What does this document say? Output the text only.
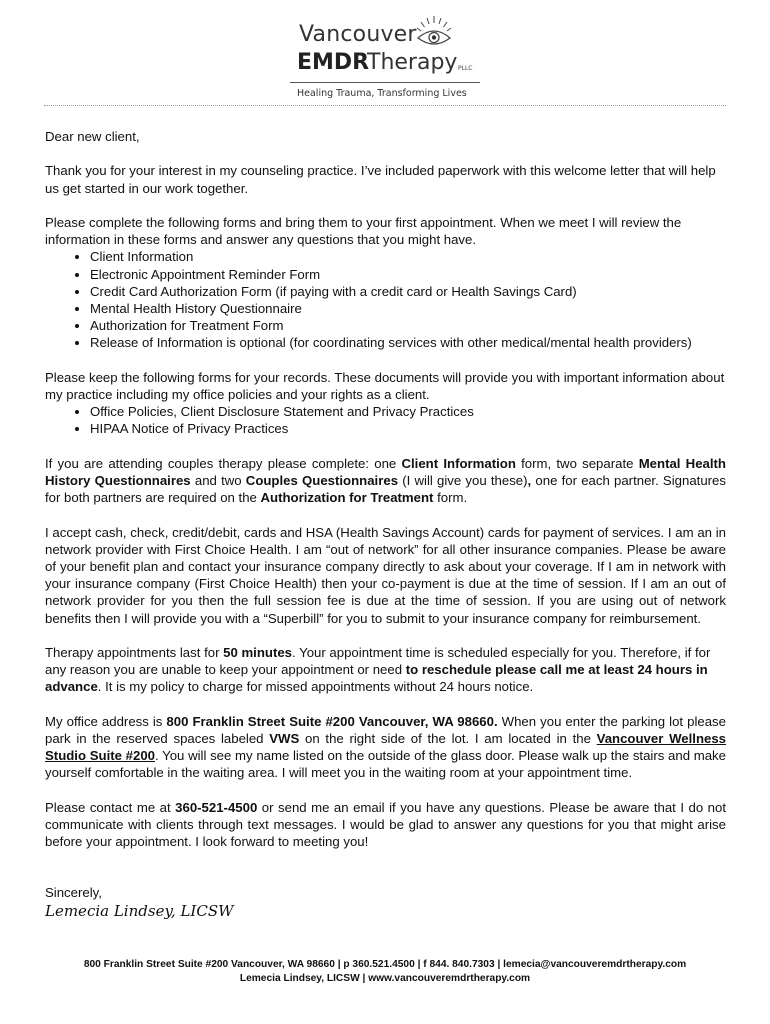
Vancouver
EMDR
Therapy PLLC
Healing Trauma, Transforming Lives

Dear new client,

Thank you for your interest in my counseling practice. I’ve included paperwork with this welcome letter that will help us get started in our work together.

Please complete the following forms and bring them to your first appointment. When we meet I will review the information in these forms and answer any questions that you might have.

• Client Information
• Electronic Appointment Reminder Form
• Credit Card Authorization Form (if paying with a credit card or Health Savings Card)
• Mental Health History Questionnaire
• Authorization for Treatment Form
• Release of Information is optional (for coordinating services with other medical/mental health providers)

Please keep the following forms for your records. These documents will provide you with important information about my practice including my office policies and your rights as a client.

• Office Policies, Client Disclosure Statement and Privacy Practices
• HIPAA Notice of Privacy Practices

If you are attending couples therapy please complete: one Client Information form, two separate Mental Health History Questionnaires and two Couples Questionnaires (I will give you these), one for each partner. Signatures for both partners are required on the Authorization for Treatment form.

I accept cash, check, credit/debit, cards and HSA (Health Savings Account) cards for payment of services. I am an in network provider with First Choice Health. I am “out of network” for all other insurance companies. Please be aware of your benefit plan and contact your insurance company directly to ask about your coverage. If I am in network with your insurance company (First Choice Health) then your co-payment is due at the time of session. If I am an out of network provider for you then the full session fee is due at the time of session. If you are using out of network benefits then I will provide you with a “Superbill” for you to submit to your insurance company for reimbursement.

Therapy appointments last for 50 minutes. Your appointment time is scheduled especially for you. Therefore, if for any reason you are unable to keep your appointment or need to reschedule please call me at least 24 hours in advance. It is my policy to charge for missed appointments without 24 hours notice.

My office address is 800 Franklin Street Suite #200 Vancouver, WA 98660. When you enter the parking lot please park in the reserved spaces labeled VWS on the right side of the lot. I am located in the Vancouver Wellness Studio Suite #200. You will see my name listed on the outside of the glass door. Please walk up the stairs and make yourself comfortable in the waiting area. I will meet you in the waiting room at your appointment time.

Please contact me at 360-521-4500 or send me an email if you have any questions. Please be aware that I do not communicate with clients through text messages. I would be glad to answer any questions for you that might arise before your appointment. I look forward to meeting you!

Sincerely,
Lemecia Lindsey, LICSW
800 Franklin Street Suite #200 Vancouver, WA 98660 | p 360.521.4500 | f 844. 840.7303 | lemecia@vancouveremdrtherapy.com
Lemecia Lindsey, LICSW | www.vancouveremdrtherapy.com
